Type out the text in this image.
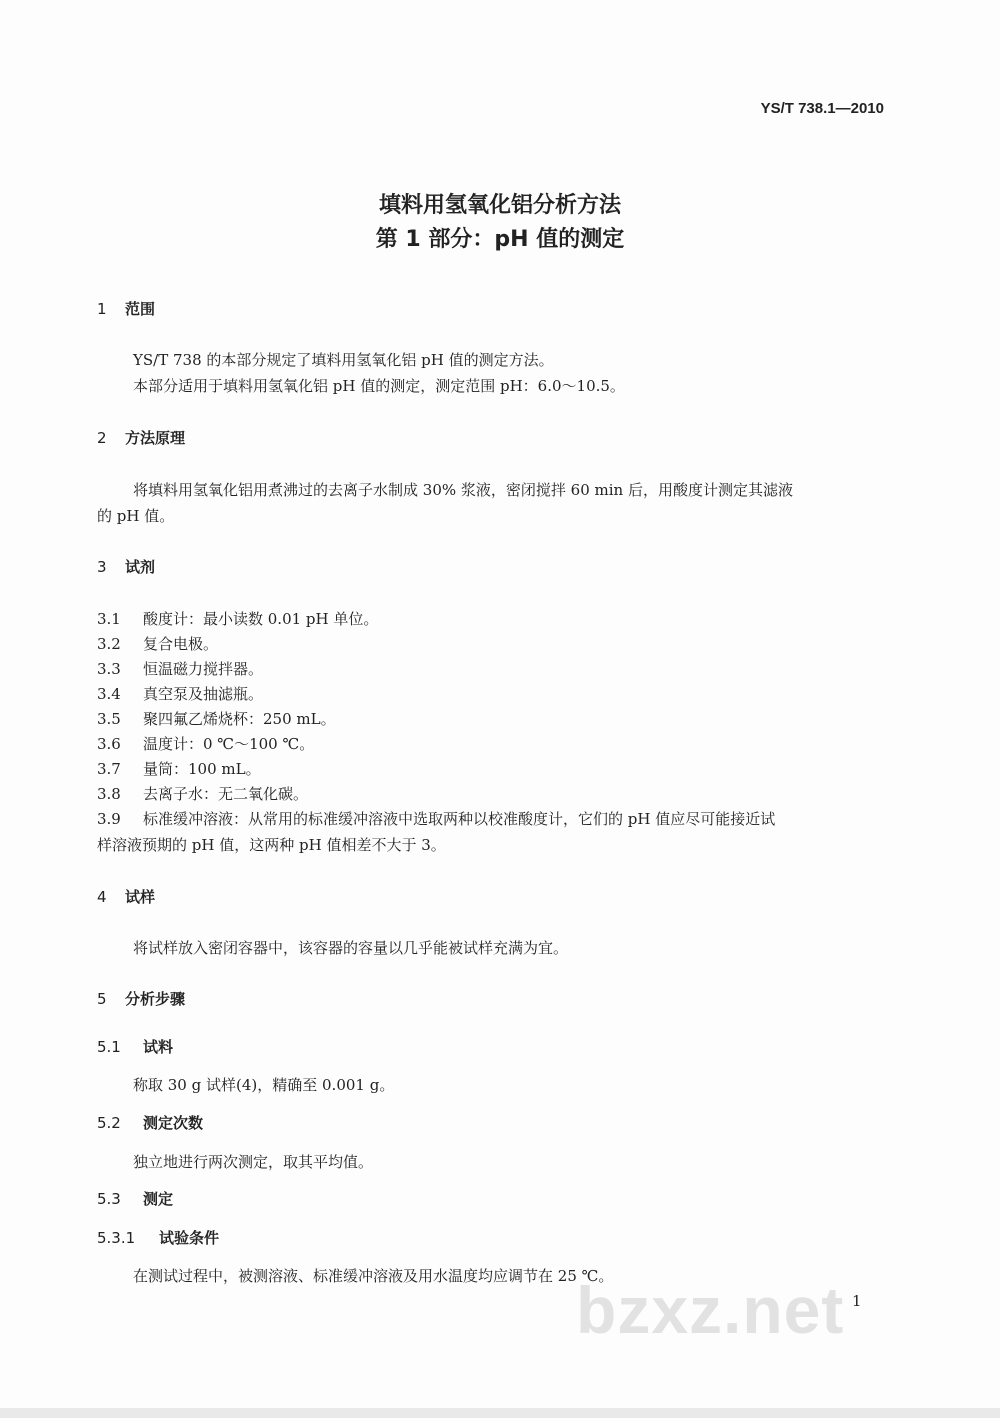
YS/T 738.1—2010
填料用氢氧化铝分析方法
第 1 部分：pH 值的测定
1 范围
YS/T 738 的本部分规定了填料用氢氧化铝 pH 值的测定方法。
本部分适用于填料用氢氧化铝 pH 值的测定，测定范围 pH：6.0～10.5。
2 方法原理
将填料用氢氧化铝用煮沸过的去离子水制成 30% 浆液，密闭搅拌 60 min 后，用酸度计测定其滤液
的 pH 值。
3 试剂
3.1 酸度计：最小读数 0.01 pH 单位。
3.2 复合电极。
3.3 恒温磁力搅拌器。
3.4 真空泵及抽滤瓶。
3.5 聚四氟乙烯烧杯：250 mL。
3.6 温度计：0 ℃～100 ℃。
3.7 量筒：100 mL。
3.8 去离子水：无二氧化碳。
3.9 标准缓冲溶液：从常用的标准缓冲溶液中选取两种以校准酸度计，它们的 pH 值应尽可能接近试
样溶液预期的 pH 值，这两种 pH 值相差不大于 3。
4 试样
将试样放入密闭容器中，该容器的容量以几乎能被试样充满为宜。
5 分析步骤
5.1 试料
称取 30 g 试样(4)，精确至 0.001 g。
5.2 测定次数
独立地进行两次测定，取其平均值。
5.3 测定
5.3.1 试验条件
在测试过程中，被测溶液、标准缓冲溶液及用水温度均应调节在 25 ℃。
bzxz.net 1
